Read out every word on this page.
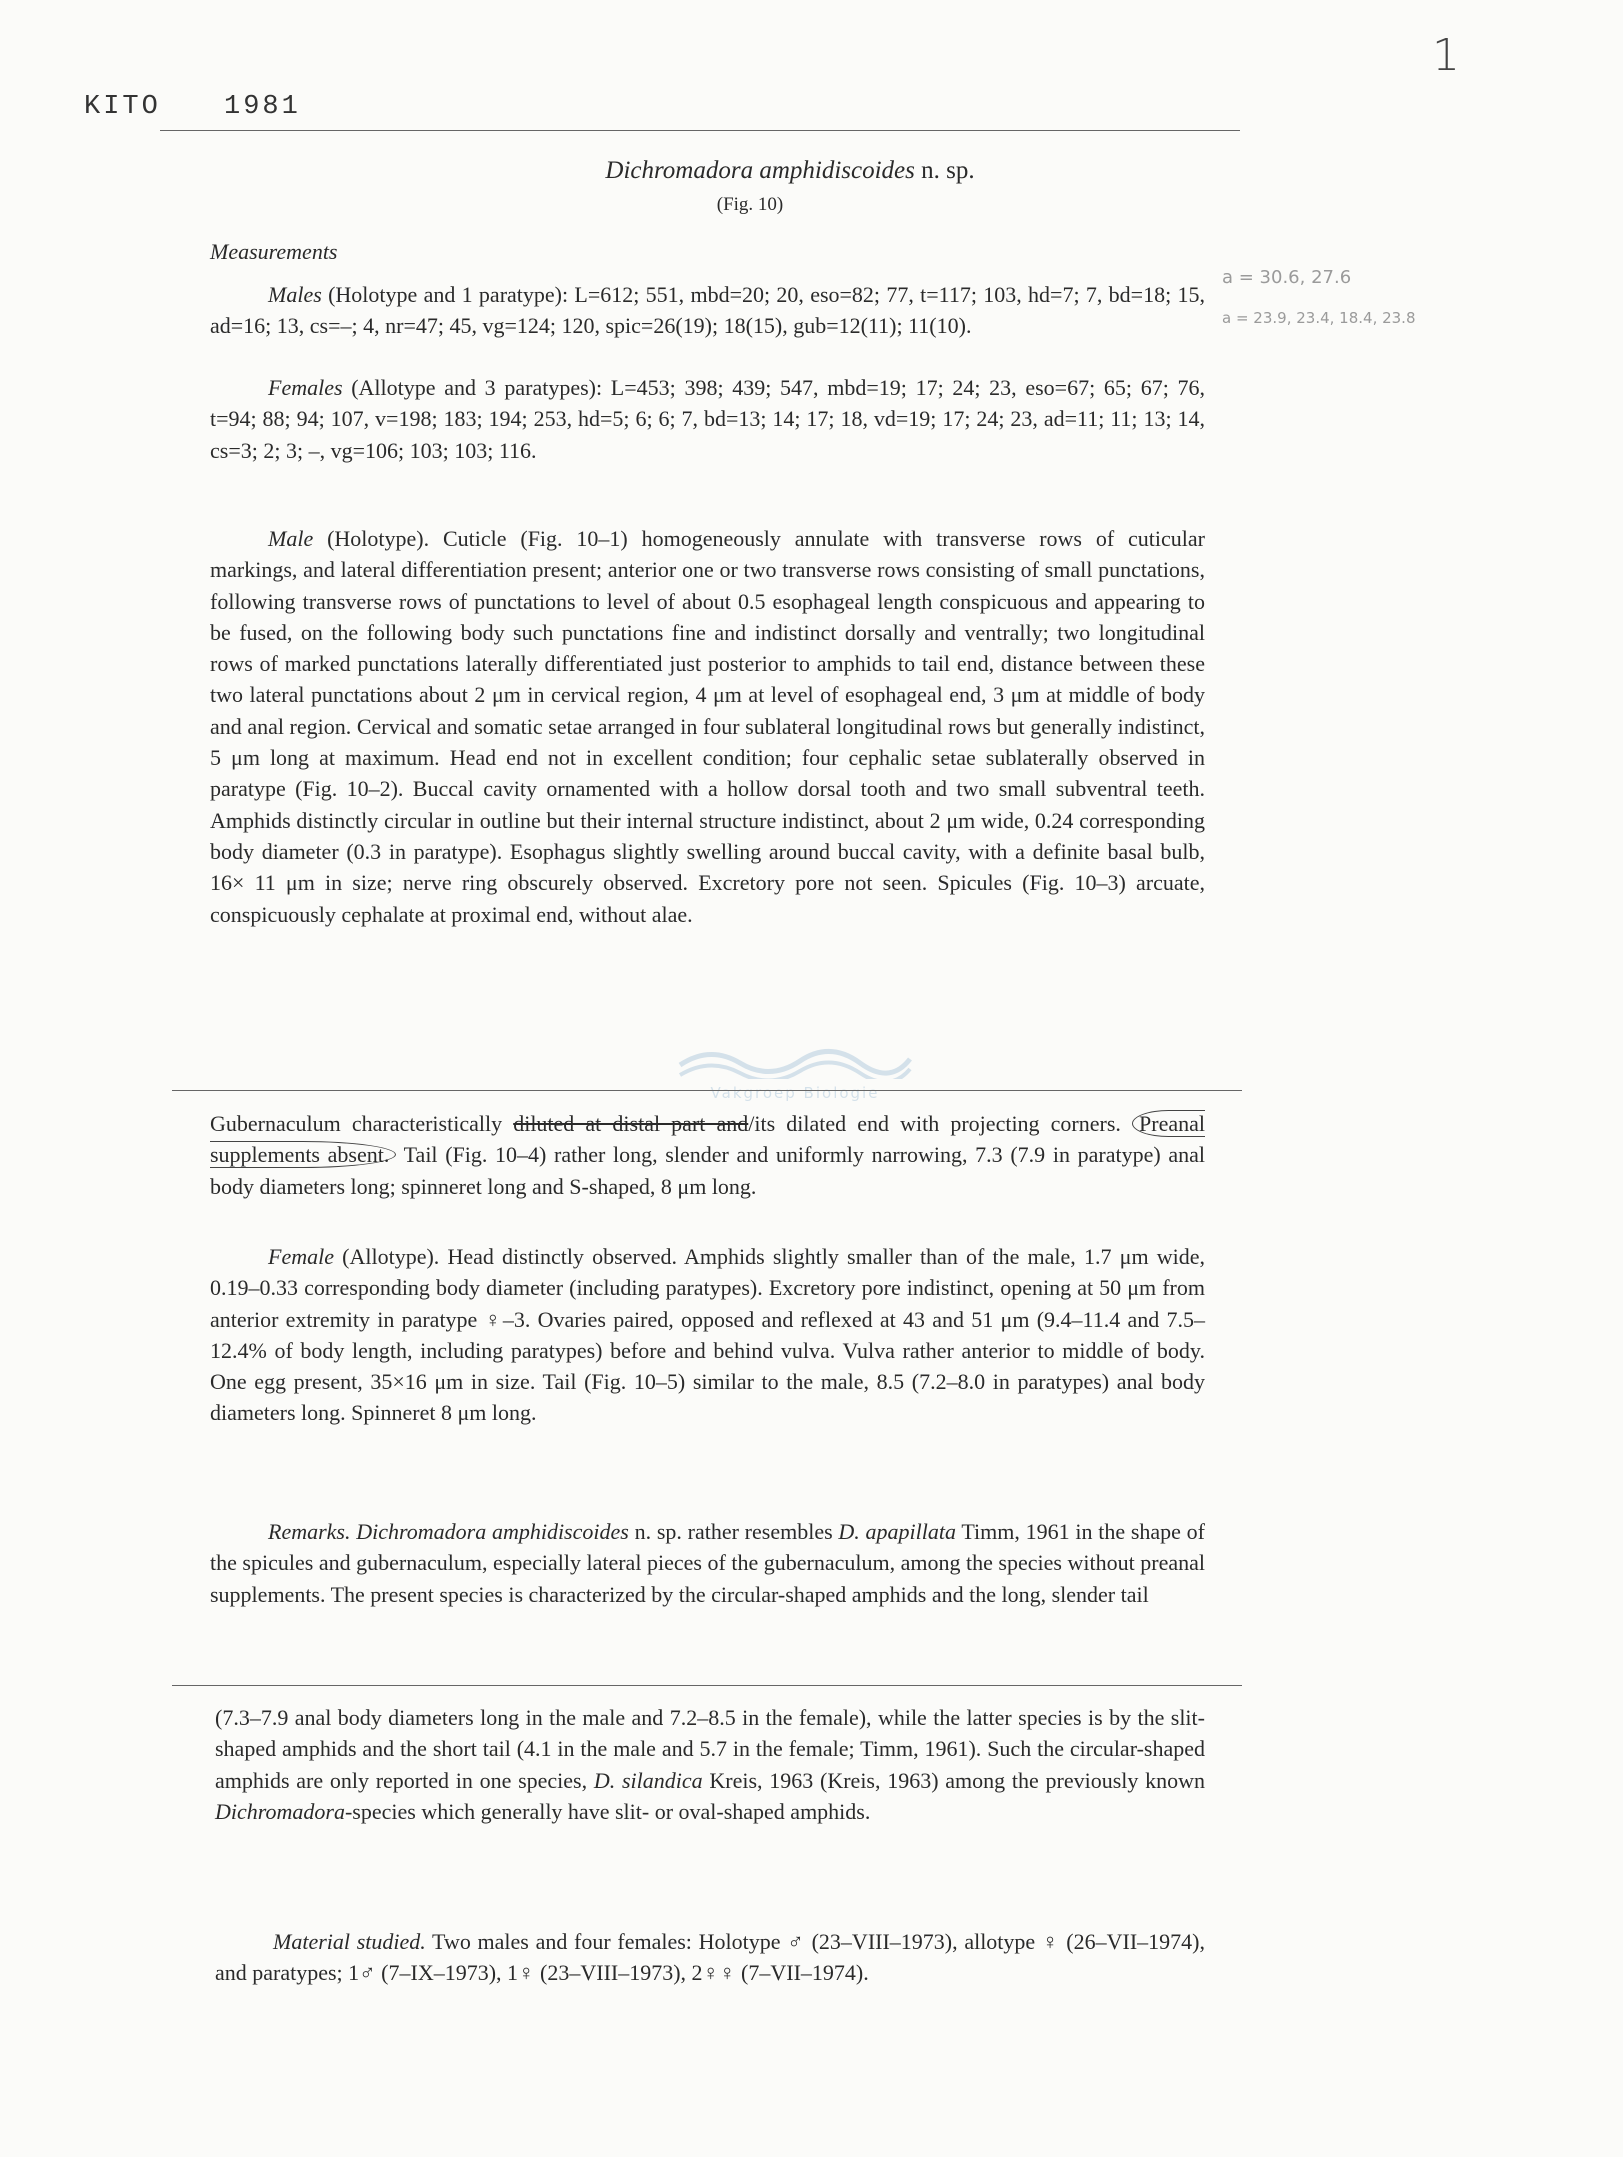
KITO 1981
1
Dichromadora amphidiscoides n. sp.
(Fig. 10)
a = 30.6, 27.6
a = 23.9, 23.4, 18.4, 23.8
Measurements
Males (Holotype and 1 paratype): L=612; 551, mbd=20; 20, eso=82; 77, t=117; 103, hd=7; 7, bd=18; 15, ad=16; 13, cs=–; 4, nr=47; 45, vg=124; 120, spic=26(19); 18(15), gub=12(11); 11(10).
Females (Allotype and 3 paratypes): L=453; 398; 439; 547, mbd=19; 17; 24; 23, eso=67; 65; 67; 76, t=94; 88; 94; 107, v=198; 183; 194; 253, hd=5; 6; 6; 7, bd=13; 14; 17; 18, vd=19; 17; 24; 23, ad=11; 11; 13; 14, cs=3; 2; 3; –, vg=106; 103; 103; 116.
Male (Holotype). Cuticle (Fig. 10–1) homogeneously annulate with transverse rows of cuticular markings, and lateral differentiation present; anterior one or two transverse rows consisting of small punctations, following transverse rows of punctations to level of about 0.5 esophageal length conspicuous and appearing to be fused, on the following body such punctations fine and indistinct dorsally and ventrally; two longitudinal rows of marked punctations laterally differentiated just posterior to amphids to tail end, distance between these two lateral punctations about 2 μm in cervical region, 4 μm at level of esophageal end, 3 μm at middle of body and anal region. Cervical and somatic setae arranged in four sublateral longitudinal rows but generally indistinct, 5 μm long at maximum. Head end not in excellent condition; four cephalic setae sublaterally observed in paratype (Fig. 10–2). Buccal cavity ornamented with a hollow dorsal tooth and two small subventral teeth. Amphids distinctly circular in outline but their internal structure indistinct, about 2 μm wide, 0.24 corresponding body diameter (0.3 in paratype). Esophagus slightly swelling around buccal cavity, with a definite basal bulb, 16× 11 μm in size; nerve ring obscurely observed. Excretory pore not seen. Spicules (Fig. 10–3) arcuate, conspicuously cephalate at proximal end, without alae.
Vakgroep Biologie
Gubernaculum characteristically diluted at distal part and/its dilated end with projecting corners. Preanal supplements absent. Tail (Fig. 10–4) rather long, slender and uniformly narrowing, 7.3 (7.9 in paratype) anal body diameters long; spinneret long and S-shaped, 8 μm long.
Female (Allotype). Head distinctly observed. Amphids slightly smaller than of the male, 1.7 μm wide, 0.19–0.33 corresponding body diameter (including paratypes). Excretory pore indistinct, opening at 50 μm from anterior extremity in paratype ♀–3. Ovaries paired, opposed and reflexed at 43 and 51 μm (9.4–11.4 and 7.5–12.4% of body length, including paratypes) before and behind vulva. Vulva rather anterior to middle of body. One egg present, 35×16 μm in size. Tail (Fig. 10–5) similar to the male, 8.5 (7.2–8.0 in paratypes) anal body diameters long. Spinneret 8 μm long.
Remarks. Dichromadora amphidiscoides n. sp. rather resembles D. apapillata Timm, 1961 in the shape of the spicules and gubernaculum, especially lateral pieces of the gubernaculum, among the species without preanal supplements. The present species is characterized by the circular-shaped amphids and the long, slender tail
(7.3–7.9 anal body diameters long in the male and 7.2–8.5 in the female), while the latter species is by the slit-shaped amphids and the short tail (4.1 in the male and 5.7 in the female; Timm, 1961). Such the circular-shaped amphids are only reported in one species, D. silandica Kreis, 1963 (Kreis, 1963) among the previously known Dichromadora-species which generally have slit- or oval-shaped amphids.
Material studied. Two males and four females: Holotype ♂ (23–VIII–1973), allotype ♀ (26–VII–1974), and paratypes; 1♂ (7–IX–1973), 1♀ (23–VIII–1973), 2♀♀ (7–VII–1974).
